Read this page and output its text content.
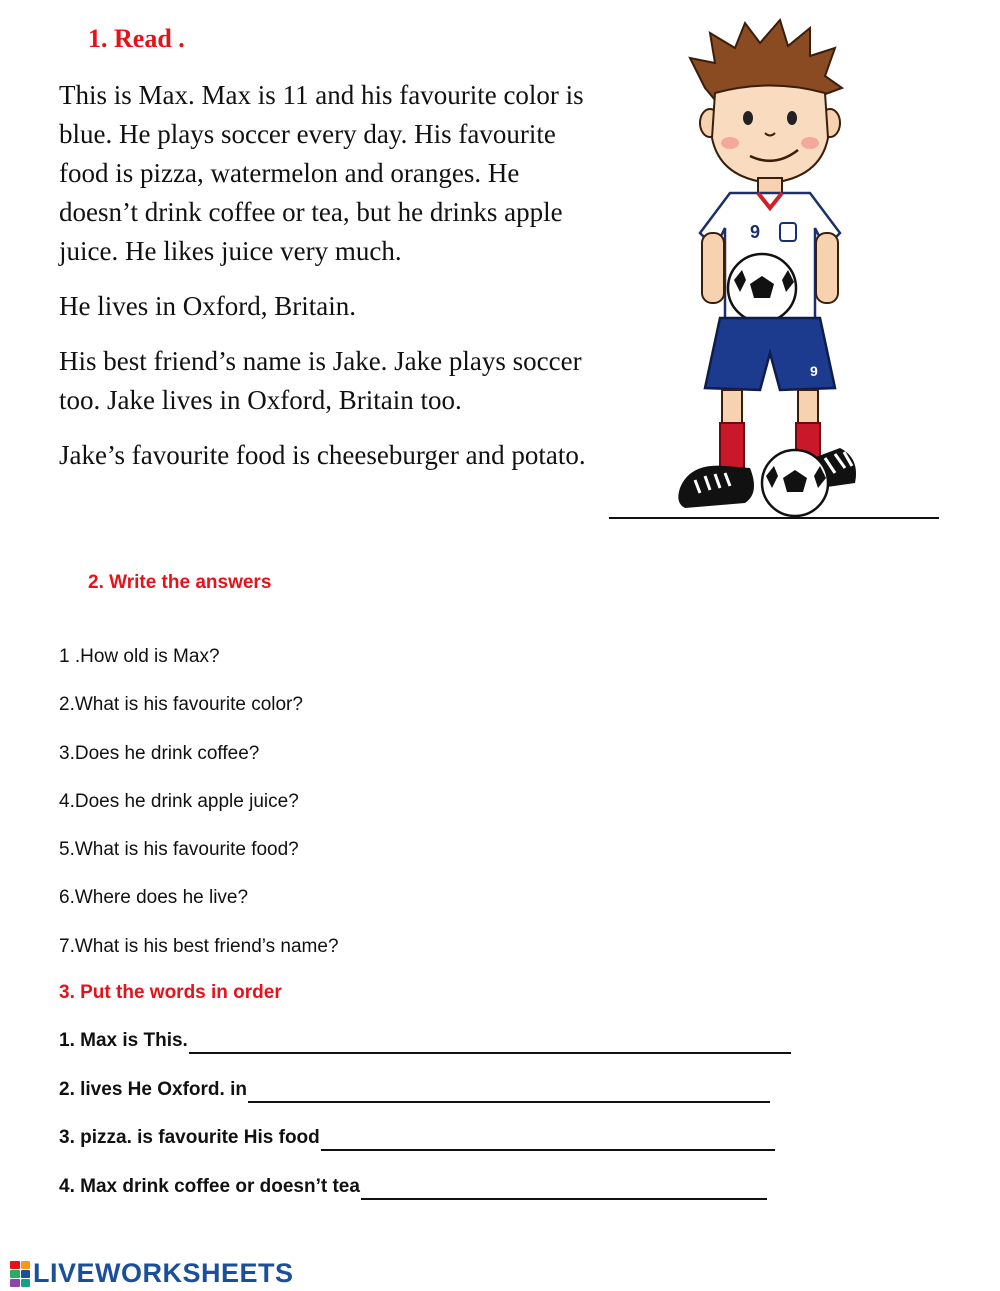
1. Read .

This is Max. Max is 11 and his favourite color is blue. He plays soccer every day. His favourite food is pizza, watermelon and oranges. He doesn’t drink coffee or tea, but he drinks apple juice. He likes juice very much.

He lives in Oxford, Britain.

His best friend’s name is Jake. Jake plays soccer too. Jake lives in Oxford, Britain too.

Jake’s favourite food is cheeseburger and potato.

9
9
2. Write the answers
1 .How old is Max?
2.What is his favourite color?
3.Does he drink coffee?
4.Does he drink apple juice?
5.What is his favourite food?
6.Where does he live?
7.What is his best friend’s name?
3. Put the words in order
1. Max is This.
2. lives He Oxford. in
3. pizza. is favourite His food
4. Max drink coffee or doesn’t tea
LIVEWORKSHEETS
